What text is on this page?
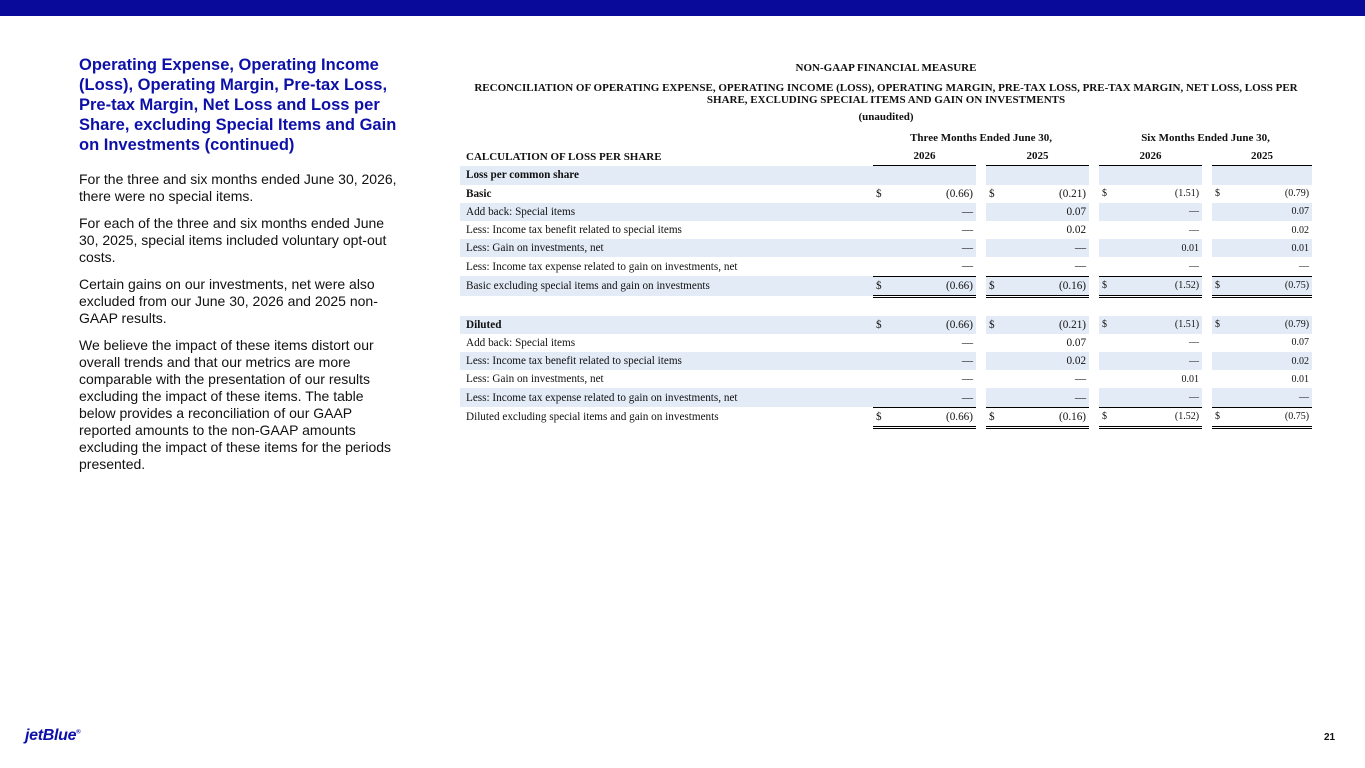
Operating Expense, Operating Income (Loss), Operating Margin, Pre-tax Loss, Pre-tax Margin, Net Loss and Loss per Share, excluding Special Items and Gain on Investments (continued)

For the three and six months ended June 30, 2026, there were no special items.

For each of the three and six months ended June 30, 2025, special items included voluntary opt-out costs.

Certain gains on our investments, net were also excluded from our June 30, 2026 and 2025 non-GAAP results.

We believe the impact of these items distort our overall trends and that our metrics are more comparable with the presentation of our results excluding the impact of these items. The table below provides a reconciliation of our GAAP reported amounts to the non-GAAP amounts excluding the impact of these items for the periods presented.

NON-GAAP FINANCIAL MEASURE
RECONCILIATION OF OPERATING EXPENSE, OPERATING INCOME (LOSS), OPERATING MARGIN, PRE-TAX LOSS, PRE-TAX MARGIN, NET LOSS, LOSS PER SHARE, EXCLUDING SPECIAL ITEMS AND GAIN ON INVESTMENTS
(unaudited)
	Three Months Ended June 30,						Six Months Ended June 30,				
CALCULATION OF LOSS PER SHARE	2026			2025			2026			2025	
Loss per common share											
Basic	$	(0.66)		$	(0.21)		$	(1.51)		$	(0.79)
Add back: Special items		—			0.07			—			0.07
Less: Income tax benefit related to special items		—			0.02			—			0.02
Less: Gain on investments, net		—			—			0.01			0.01
Less: Income tax expense related to gain on investments, net		—			—			—			—
Basic excluding special items and gain on investments	$	(0.66)		$	(0.16)		$	(1.52)		$	(0.75)

Diluted	$	(0.66)		$	(0.21)		$	(1.51)		$	(0.79)
Add back: Special items		—			0.07			—			0.07
Less: Income tax benefit related to special items		—			0.02			—			0.02
Less: Gain on investments, net		—			—			0.01			0.01
Less: Income tax expense related to gain on investments, net		—			—			—			—
Diluted excluding special items and gain on investments	$	(0.66)		$	(0.16)		$	(1.52)		$	(0.75)
jetBlue®	21
